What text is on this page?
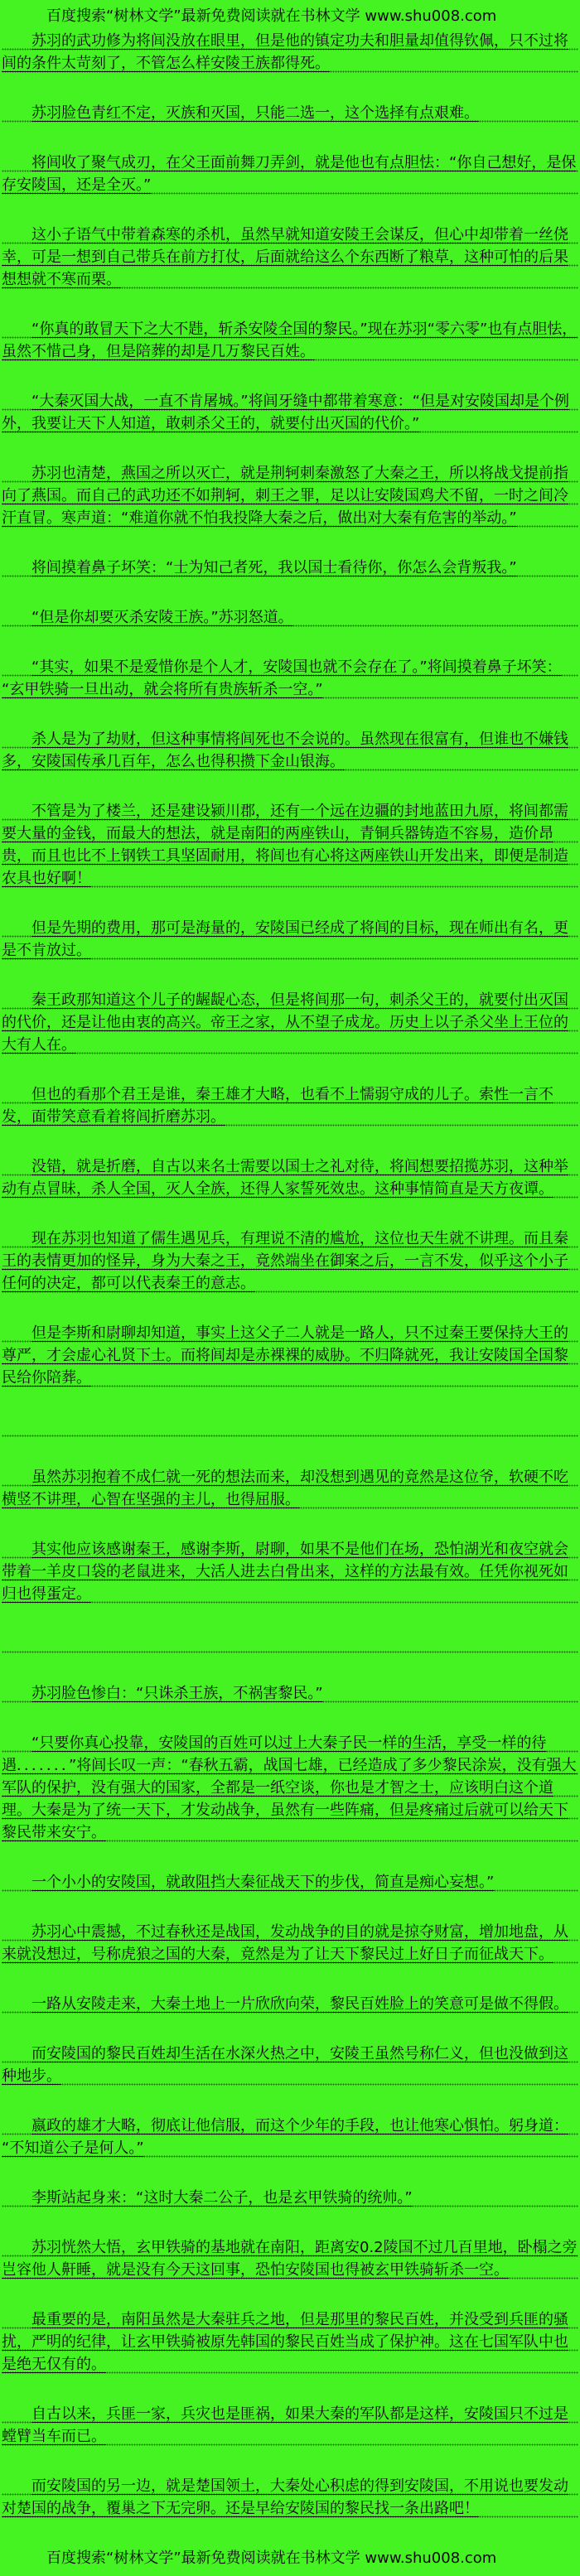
百度搜索“树林文学”最新免费阅读就在书林文学 www.shu008.com

苏羽的武功修为将闾没放在眼里，但是他的镇定功夫和胆量却值得钦佩，只不过将闾的条件太苛刻了，不管怎么样安陵王族都得死。

苏羽脸色青红不定，灭族和灭国，只能二选一，这个选择有点艰难。

将闾收了聚气成刃，在父王面前舞刀弄剑，就是他也有点胆怯：“你自己想好，是保存安陵国，还是全灭。”

这小子语气中带着森寒的杀机，虽然早就知道安陵王会谋反，但心中却带着一丝侥幸，可是一想到自己带兵在前方打仗，后面就给这么个东西断了粮草，这种可怕的后果想想就不寒而栗。

“你真的敢冒天下之大不韪，斩杀安陵全国的黎民。”现在苏羽“零六零”也有点胆怯，虽然不惜己身，但是陪葬的却是几万黎民百姓。

“大秦灭国大战，一直不肯屠城。”将闾牙缝中都带着寒意：“但是对安陵国却是个例外，我要让天下人知道，敢刺杀父王的，就要付出灭国的代价。”

苏羽也清楚，燕国之所以灭亡，就是荆轲刺秦激怒了大秦之王，所以将战戈提前指向了燕国。而自己的武功还不如荆轲，刺王之罪，足以让安陵国鸡犬不留，一时之间冷汗直冒。寒声道：“难道你就不怕我投降大秦之后，做出对大秦有危害的举动。”

将闾摸着鼻子坏笑：“士为知己者死，我以国士看待你，你怎么会背叛我。”

“但是你却要灭杀安陵王族。”苏羽怒道。

“其实，如果不是爱惜你是个人才，安陵国也就不会存在了。”将闾摸着鼻子坏笑：“玄甲铁骑一旦出动，就会将所有贵族斩杀一空。”

杀人是为了劫财，但这种事情将闾死也不会说的。虽然现在很富有，但谁也不嫌钱多，安陵国传承几百年，怎么也得积攒下金山银海。

不管是为了楼兰，还是建设颍川郡，还有一个远在边疆的封地蓝田九原，将闾都需要大量的金钱，而最大的想法，就是南阳的两座铁山，青铜兵器铸造不容易，造价昂贵，而且也比不上钢铁工具坚固耐用，将闾也有心将这两座铁山开发出来，即便是制造农具也好啊！

但是先期的费用，那可是海量的，安陵国已经成了将闾的目标，现在师出有名，更是不肯放过。

秦王政那知道这个儿子的龌龊心态，但是将闾那一句，刺杀父王的，就要付出灭国的代价，还是让他由衷的高兴。帝王之家，从不望子成龙。历史上以子杀父坐上王位的大有人在。

但也的看那个君王是谁，秦王雄才大略，也看不上懦弱守成的儿子。索性一言不发，面带笑意看着将闾折磨苏羽。

没错，就是折磨，自古以来名士需要以国士之礼对待，将闾想要招揽苏羽，这种举动有点冒昧，杀人全国，灭人全族，还得人家誓死效忠。这种事情简直是天方夜谭。

现在苏羽也知道了儒生遇见兵，有理说不清的尴尬，这位也天生就不讲理。而且秦王的表情更加的怪异，身为大秦之王，竟然端坐在御案之后，一言不发，似乎这个小子任何的决定，都可以代表秦王的意志。

但是李斯和尉聊却知道，事实上这父子二人就是一路人，只不过秦王要保持大王的尊严，才会虚心礼贤下士。而将闾却是赤裸裸的威胁。不归降就死，我让安陵国全国黎民给你陪葬。

虽然苏羽抱着不成仁就一死的想法而来，却没想到遇见的竟然是这位爷，软硬不吃横竖不讲理，心智在坚强的主儿，也得屈服。

其实他应该感谢秦王，感谢李斯，尉聊，如果不是他们在场，恐怕湖光和夜空就会带着一羊皮口袋的老鼠进来，大活人进去白骨出来，这样的方法最有效。任凭你视死如归也得蛋定。

苏羽脸色惨白：“只诛杀王族，不祸害黎民。”

“只要你真心投靠，安陵国的百姓可以过上大秦子民一样的生活，享受一样的待遇．．．．．．．”将闾长叹一声：“春秋五霸，战国七雄，已经造成了多少黎民涂炭，没有强大军队的保护，没有强大的国家，全都是一纸空谈，你也是才智之士，应该明白这个道理。大秦是为了统一天下，才发动战争，虽然有一些阵痛，但是疼痛过后就可以给天下黎民带来安宁。

一个小小的安陵国，就敢阻挡大秦征战天下的步伐，简直是痴心妄想。”

苏羽心中震撼，不过春秋还是战国，发动战争的目的就是掠夺财富，增加地盘，从来就没想过，号称虎狼之国的大秦，竟然是为了让天下黎民过上好日子而征战天下。

一路从安陵走来，大秦土地上一片欣欣向荣，黎民百姓脸上的笑意可是做不得假。

而安陵国的黎民百姓却生活在水深火热之中，安陵王虽然号称仁义，但也没做到这种地步。

嬴政的雄才大略，彻底让他信服，而这个少年的手段，也让他寒心惧怕。躬身道：“不知道公子是何人。”

李斯站起身来：“这时大秦二公子，也是玄甲铁骑的统帅。”

苏羽恍然大悟，玄甲铁骑的基地就在南阳，距离安0.2陵国不过几百里地，卧榻之旁岂容他人鼾睡，就是没有今天这回事，恐怕安陵国也得被玄甲铁骑斩杀一空。

最重要的是，南阳虽然是大秦驻兵之地，但是那里的黎民百姓，并没受到兵匪的骚扰，严明的纪律，让玄甲铁骑被原先韩国的黎民百姓当成了保护神。这在七国军队中也是绝无仅有的。

自古以来，兵匪一家，兵灾也是匪祸，如果大秦的军队都是这样，安陵国只不过是螳臂当车而已。

而安陵国的另一边，就是楚国领土，大秦处心积虑的得到安陵国，不用说也要发动对楚国的战争，覆巢之下无完卵。还是早给安陵国的黎民找一条出路吧！

百度搜索“树林文学”最新免费阅读就在书林文学 www.shu008.com
